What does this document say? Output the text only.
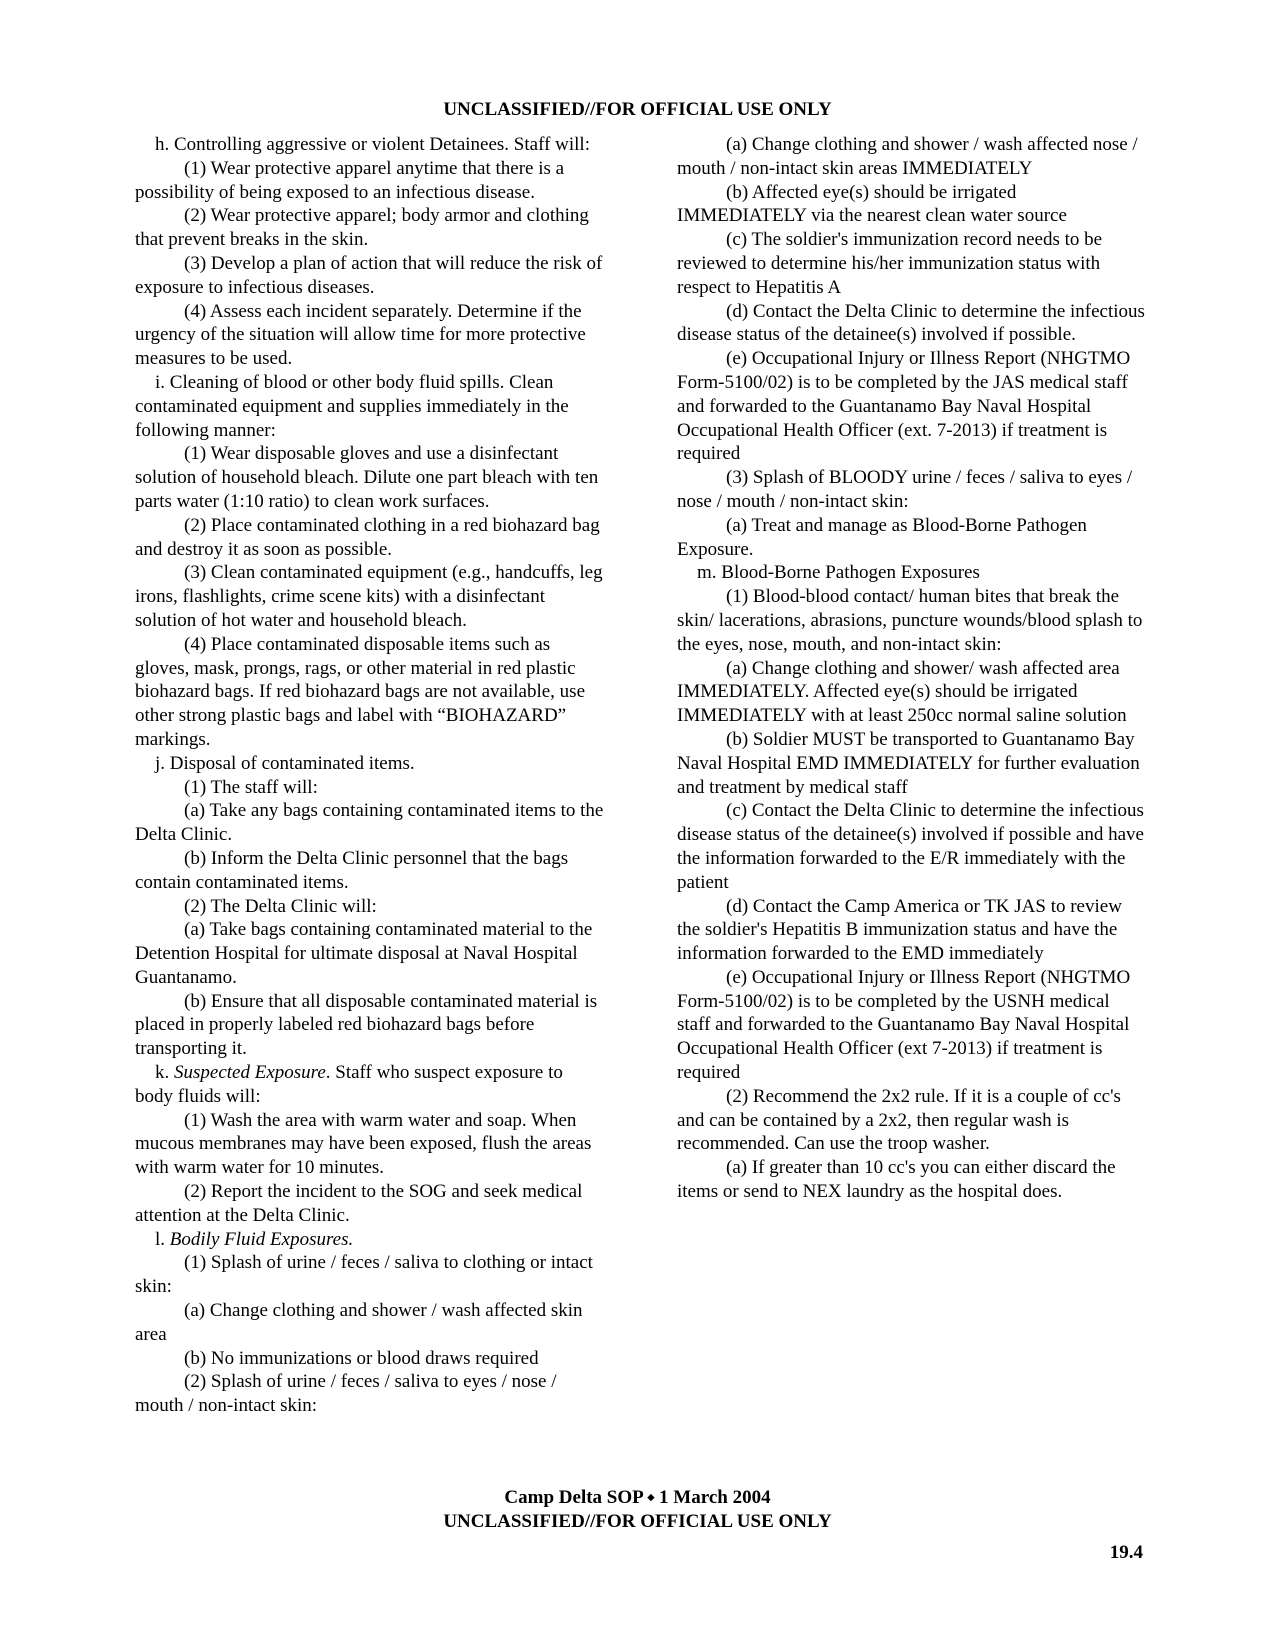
UNCLASSIFIED//FOR OFFICIAL USE ONLY

h. Controlling aggressive or violent Detainees. Staff will:

(1) Wear protective apparel anytime that there is a possibility of being exposed to an infectious disease.

(2) Wear protective apparel; body armor and clothing that prevent breaks in the skin.

(3) Develop a plan of action that will reduce the risk of exposure to infectious diseases.

(4) Assess each incident separately. Determine if the urgency of the situation will allow time for more protective measures to be used.

i. Cleaning of blood or other body fluid spills. Clean contaminated equipment and supplies immediately in the following manner:

(1) Wear disposable gloves and use a disinfectant solution of household bleach. Dilute one part bleach with ten parts water (1:10 ratio) to clean work surfaces.

(2) Place contaminated clothing in a red biohazard bag and destroy it as soon as possible.

(3) Clean contaminated equipment (e.g., handcuffs, leg irons, flashlights, crime scene kits) with a disinfectant solution of hot water and household bleach.

(4) Place contaminated disposable items such as gloves, mask, prongs, rags, or other material in red plastic biohazard bags. If red biohazard bags are not available, use other strong plastic bags and label with “BIOHAZARD” markings.

j. Disposal of contaminated items.

(1) The staff will:

(a) Take any bags containing contaminated items to the Delta Clinic.

(b) Inform the Delta Clinic personnel that the bags contain contaminated items.

(2) The Delta Clinic will:

(a) Take bags containing contaminated material to the Detention Hospital for ultimate disposal at Naval Hospital Guantanamo.

(b) Ensure that all disposable contaminated material is placed in properly labeled red biohazard bags before transporting it.

k. Suspected Exposure. Staff who suspect exposure to body fluids will:

(1) Wash the area with warm water and soap. When mucous membranes may have been exposed, flush the areas with warm water for 10 minutes.

(2) Report the incident to the SOG and seek medical attention at the Delta Clinic.

l. Bodily Fluid Exposures.

(1) Splash of urine / feces / saliva to clothing or intact skin:

(a) Change clothing and shower / wash affected skin area

(b) No immunizations or blood draws required

(2) Splash of urine / feces / saliva to eyes / nose / mouth / non-intact skin:

(a) Change clothing and shower / wash affected nose / mouth / non-intact skin areas IMMEDIATELY

(b) Affected eye(s) should be irrigated IMMEDIATELY via the nearest clean water source

(c) The soldier's immunization record needs to be reviewed to determine his/her immunization status with respect to Hepatitis A

(d) Contact the Delta Clinic to determine the infectious disease status of the detainee(s) involved if possible.

(e) Occupational Injury or Illness Report (NHGTMO Form-5100/02) is to be completed by the JAS medical staff and forwarded to the Guantanamo Bay Naval Hospital Occupational Health Officer (ext. 7-2013) if treatment is required

(3) Splash of BLOODY urine / feces / saliva to eyes / nose / mouth / non-intact skin:

(a) Treat and manage as Blood-Borne Pathogen Exposure.

m. Blood-Borne Pathogen Exposures

(1) Blood-blood contact/ human bites that break the skin/ lacerations, abrasions, puncture wounds/blood splash to the eyes, nose, mouth, and non-intact skin:

(a) Change clothing and shower/ wash affected area IMMEDIATELY. Affected eye(s) should be irrigated IMMEDIATELY with at least 250cc normal saline solution

(b) Soldier MUST be transported to Guantanamo Bay Naval Hospital EMD IMMEDIATELY for further evaluation and treatment by medical staff

(c) Contact the Delta Clinic to determine the infectious disease status of the detainee(s) involved if possible and have the information forwarded to the E/R immediately with the patient

(d) Contact the Camp America or TK JAS to review the soldier's Hepatitis B immunization status and have the information forwarded to the EMD immediately

(e) Occupational Injury or Illness Report (NHGTMO Form-5100/02) is to be completed by the USNH medical staff and forwarded to the Guantanamo Bay Naval Hospital Occupational Health Officer (ext 7-2013) if treatment is required

(2) Recommend the 2x2 rule. If it is a couple of cc's and can be contained by a 2x2, then regular wash is recommended. Can use the troop washer.

(a) If greater than 10 cc's you can either discard the items or send to NEX laundry as the hospital does.

Camp Delta SOP ⬩ 1 March 2004
UNCLASSIFIED//FOR OFFICIAL USE ONLY
19.4
